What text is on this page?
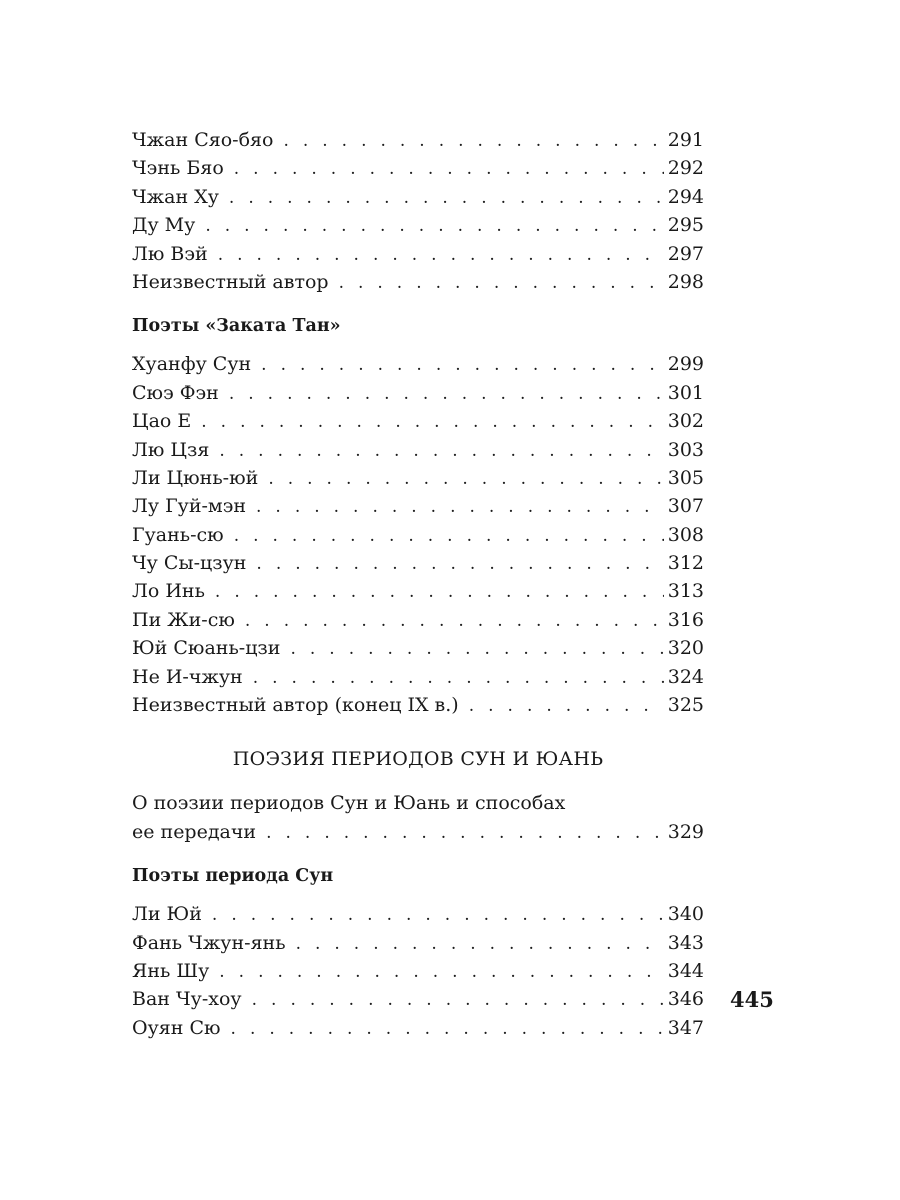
Чжан Сяо-бяо . . .	291
Чэнь Бяо . . .	292
Чжан Ху . . .	294
Ду Му . . .	295
Лю Вэй . . .	297
Неизвестный автор . . .	298
Поэты «Заката Тан»
Хуанфу Сун . . .	299
Сюэ Фэн . . .	301
Цао Е . . .	302
Лю Цзя . . .	303
Ли Цюнь-юй . . .	305
Лу Гуй-мэн . . .	307
Гуань-сю . . .	308
Чу Сы-цзун . . .	312
Ло Инь . . .	313
Пи Жи-сю . . .	316
Юй Сюань-цзи . . .	320
Не И-чжун . . .	324
Неизвестный автор (конец IX в.) . . .	325
ПОЭЗИЯ ПЕРИОДОВ СУН И ЮАНЬ
О поэзии периодов Сун и Юань и способах
ее передачи . . .	329
Поэты периода Сун
Ли Юй . . .	340
Фань Чжун-янь . . .	343
Янь Шу . . .	344
Ван Чу-хоу . . .	346
Оуян Сю . . .	347
445
